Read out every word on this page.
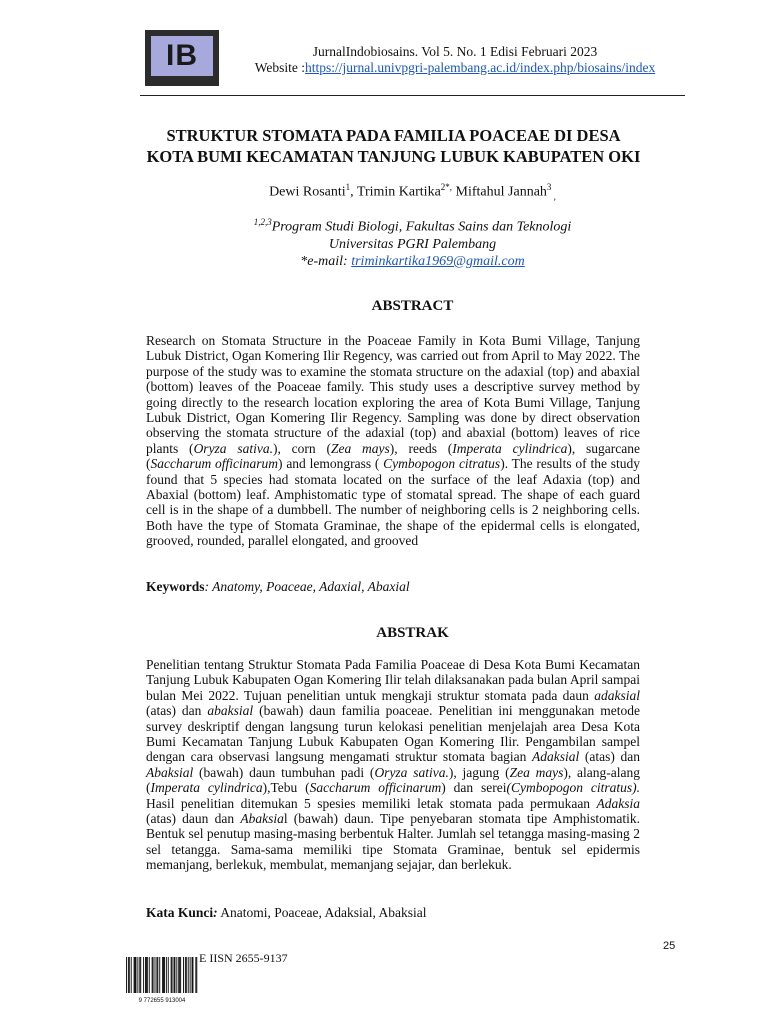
IB	JurnalIndobiosains. Vol 5. No. 1 Edisi Februari 2023
Website :https://jurnal.univpgri-palembang.ac.id/index.php/biosains/index
STRUKTUR STOMATA PADA FAMILIA POACEAE DI DESA
KOTA BUMI KECAMATAN TANJUNG LUBUK KABUPATEN OKI
Dewi Rosanti$^1$, Trimin Kartika$^{2*,}$ Miftahul Jannah$^3$ $_,$
$^{1,2,3}$Program Studi Biologi, Fakultas Sains dan Teknologi
Universitas PGRI Palembang
*e-mail: triminkartika1969@gmail.com
ABSTRACT
Research on Stomata Structure in the Poaceae Family in Kota Bumi Village, Tanjung Lubuk District, Ogan Komering Ilir Regency, was carried out from April to May 2022. The purpose of the study was to examine the stomata structure on the adaxial (top) and abaxial (bottom) leaves of the Poaceae family. This study uses a descriptive survey method by going directly to the research location exploring the area of Kota Bumi Village, Tanjung Lubuk District, Ogan Komering Ilir Regency. Sampling was done by direct observation observing the stomata structure of the adaxial (top) and abaxial (bottom) leaves of rice plants (Oryza sativa.), corn (Zea mays), reeds (Imperata cylindrica), sugarcane (Saccharum officinarum) and lemongrass ( Cymbopogon citratus). The results of the study found that 5 species had stomata located on the surface of the leaf Adaxia (top) and Abaxial (bottom) leaf. Amphistomatic type of stomatal spread. The shape of each guard cell is in the shape of a dumbbell. The number of neighboring cells is 2 neighboring cells. Both have the type of Stomata Graminae, the shape of the epidermal cells is elongated, grooved, rounded, parallel elongated, and grooved
Keywords: Anatomy, Poaceae, Adaxial, Abaxial
ABSTRAK
Penelitian tentang Struktur Stomata Pada Familia Poaceae di Desa Kota Bumi Kecamatan Tanjung Lubuk Kabupaten Ogan Komering Ilir telah dilaksanakan pada bulan April sampai bulan Mei 2022. Tujuan penelitian untuk mengkaji struktur stomata pada daun adaksial (atas) dan abaksial (bawah) daun familia poaceae. Penelitian ini menggunakan metode survey deskriptif dengan langsung turun kelokasi penelitian menjelajah area Desa Kota Bumi Kecamatan Tanjung Lubuk Kabupaten Ogan Komering Ilir. Pengambilan sampel dengan cara observasi langsung mengamati struktur stomata bagian Adaksial (atas) dan Abaksial (bawah) daun tumbuhan padi (Oryza sativa.), jagung (Zea mays), alang-alang (Imperata cylindrica),Tebu (Saccharum officinarum) dan serei(Cymbopogon citratus). Hasil penelitian ditemukan 5 spesies memiliki letak stomata pada permukaan Adaksia (atas) daun dan Abaksial (bawah) daun. Tipe penyebaran stomata tipe Amphistomatik. Bentuk sel penutup masing-masing berbentuk Halter. Jumlah sel tetangga masing-masing 2 sel tetangga. Sama-sama memiliki tipe Stomata Graminae, bentuk sel epidermis memanjang, berlekuk, membulat, memanjang sejajar, dan berlekuk.
Kata Kunci: Anatomi, Poaceae, Adaksial, Abaksial
25
E IISN 2655-9137
9 772655 913004
